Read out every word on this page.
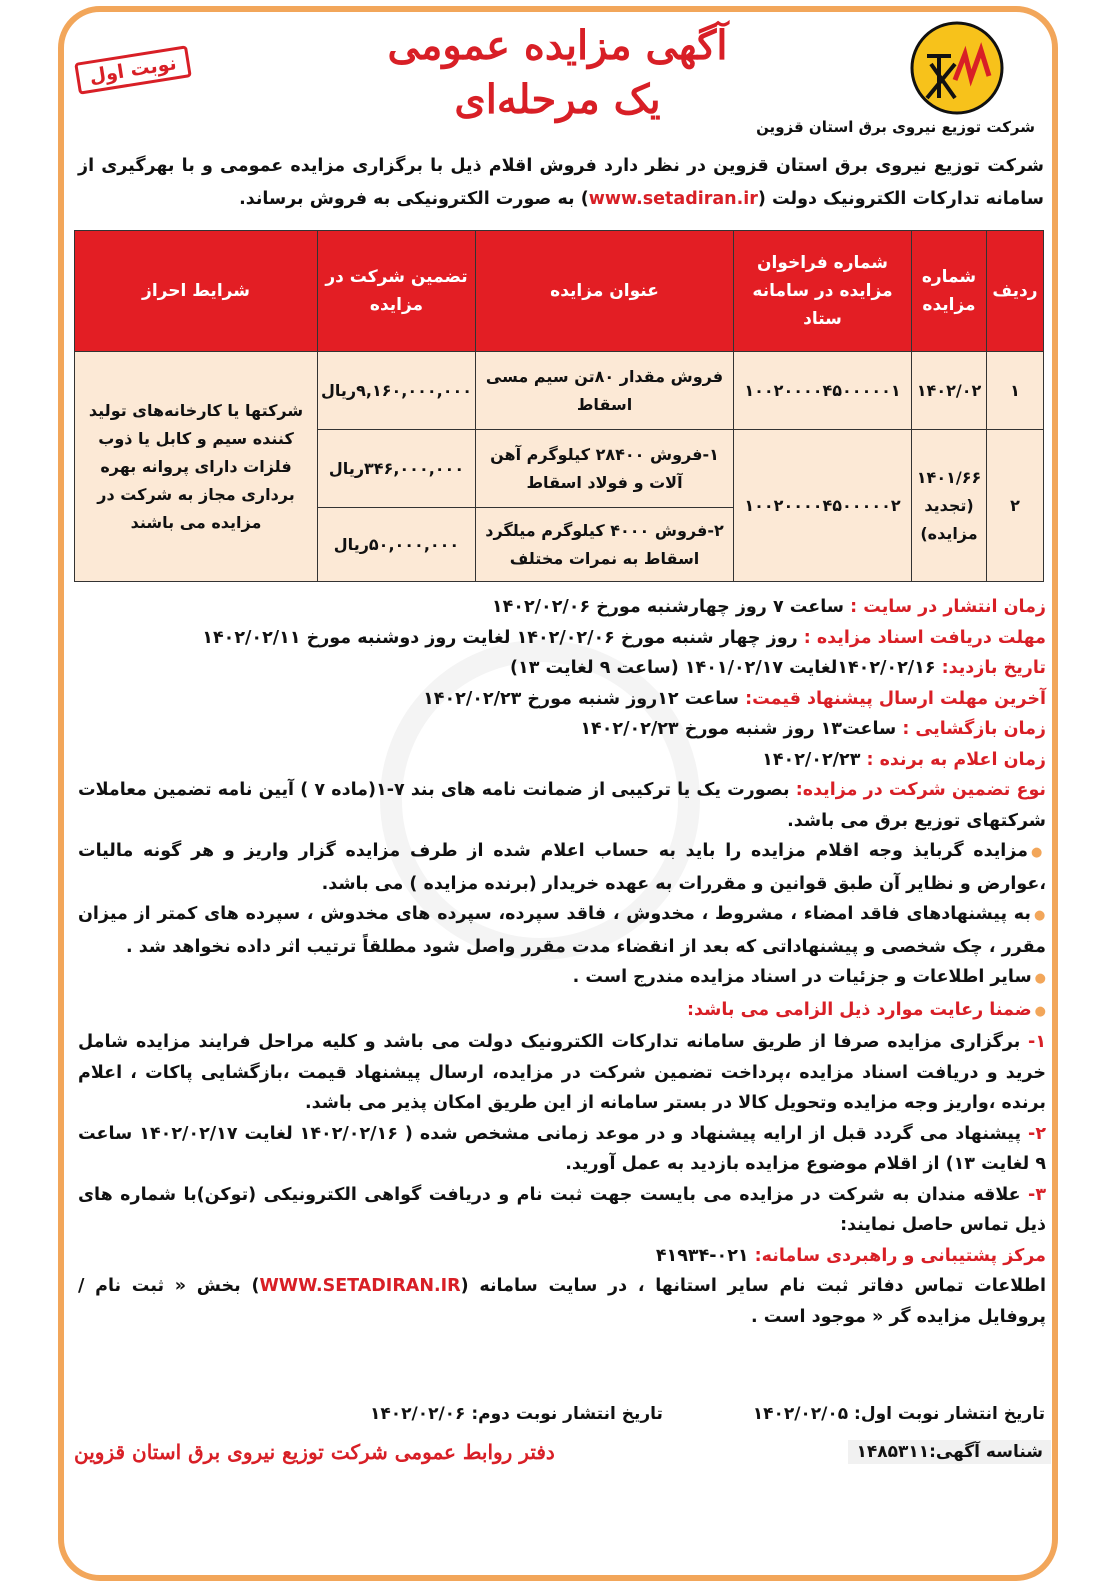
شرکت توزیع نیروی برق استان قزوین
آگهی مزایده عمومی
یک مرحله‌ای
نوبت اول
شرکت توزیع نیروی برق استان قزوین در نظر دارد فروش اقلام ذیل با برگزاری مزایده عمومی و با بهرگیری از سامانه تدارکات الکترونیک دولت (www.setadiran.ir) به صورت الکترونیکی به فروش برساند.
ردیف	شماره مزایده	شماره فراخوان مزایده در سامانه ستاد	عنوان مزایده	تضمین شرکت در مزایده	شرایط احراز
۱	۱۴۰۲/۰۲	۱۰۰۲۰۰۰۰۴۵۰۰۰۰۰۱	فروش مقدار ۸۰تن سیم مسی اسقاط	۹,۱۶۰,۰۰۰,۰۰۰ریال	شرکتها یا کارخانه‌های تولید کننده سیم و کابل یا ذوب فلزات دارای پروانه بهره برداری مجاز به شرکت در مزایده می باشند
۲	۱۴۰۱/۶۶ (تجدید مزایده)	۱۰۰۲۰۰۰۰۴۵۰۰۰۰۰۲	۱-فروش ۲۸۴۰۰ کیلوگرم آهن آلات و فولاد اسقاط	۳۴۶,۰۰۰,۰۰۰ریال	
			۲-فروش ۴۰۰۰ کیلوگرم میلگرد اسقاط به نمرات مختلف	۵۰,۰۰۰,۰۰۰ریال	

زمان انتشار در سایت : ساعت ۷ روز چهارشنبه مورخ ۱۴۰۲/۰۲/۰۶

مهلت دریافت اسناد مزایده : روز چهار شنبه مورخ ۱۴۰۲/۰۲/۰۶ لغایت روز دوشنبه مورخ ۱۴۰۲/۰۲/۱۱

تاریخ بازدید: ۱۴۰۲/۰۲/۱۶لغایت ۱۴۰۱/۰۲/۱۷ (ساعت ۹ لغایت ۱۳)

آخرین مهلت ارسال پیشنهاد قیمت: ساعت ۱۲روز شنبه مورخ ۱۴۰۲/۰۲/۲۳

زمان بازگشایی : ساعت۱۳ روز شنبه مورخ ۱۴۰۲/۰۲/۲۳

زمان اعلام به برنده : ۱۴۰۲/۰۲/۲۳

نوع تضمین شرکت در مزایده: بصورت یک یا ترکیبی از ضمانت نامه های بند ۷-۱(ماده ۷ ) آیین نامه تضمین معاملات شرکتهای توزیع برق می باشد.

●مزایده گربایذ وجه اقلام مزایده را باید به حساب اعلام شده از طرف مزایده گزار واریز و هر گونه مالیات ،عوارض و نظایر آن طبق قوانین و مقررات به عهده خریدار (برنده مزایده ) می باشد.

●به پیشنهادهای فاقد امضاء ، مشروط ، مخدوش ، فاقد سپرده، سپرده های مخدوش ، سپرده های کمتر از میزان مقرر ، چک شخصی و پیشنهاداتی که بعد از انقضاء مدت مقرر واصل شود مطلقاً ترتیب اثر داده نخواهد شد .

●سایر اطلاعات و جزئیات در اسناد مزایده مندرج است .

●ضمنا رعایت موارد ذیل الزامی می باشد:

۱- برگزاری مزایده صرفا از طریق سامانه تدارکات الکترونیک دولت می باشد و کلیه مراحل فرایند مزایده شامل خرید و دریافت اسناد مزایده ،پرداخت تضمین شرکت در مزایده، ارسال پیشنهاد قیمت ،بازگشایی پاکات ، اعلام برنده ،واریز وجه مزایده وتحویل کالا در بستر سامانه از این طریق امکان پذیر می باشد.

۲- پیشنهاد می گردد قبل از ارایه پیشنهاد و در موعد زمانی مشخص شده ( ۱۴۰۲/۰۲/۱۶ لغایت ۱۴۰۲/۰۲/۱۷ ساعت ۹ لغایت ۱۳) از اقلام موضوع مزایده بازدید به عمل آورید.

۳- علاقه مندان به شرکت در مزایده می بایست جهت ثبت نام و دریافت گواهی الکترونیکی (توکن)با شماره های ذیل تماس حاصل نمایند:

مرکز پشتیبانی و راهبردی سامانه: ۴۱۹۳۴-۰۲۱

اطلاعات تماس دفاتر ثبت نام سایر استانها ، در سایت سامانه (WWW.SETADIRAN.IR) بخش « ثبت نام / پروفایل مزایده گر « موجود است .

تاریخ انتشار نوبت اول: ۱۴۰۲/۰۲/۰۵
تاریخ انتشار نوبت دوم: ۱۴۰۲/۰۲/۰۶
شناسه آگهی:۱۴۸۵۳۱۱
دفتر روابط عمومی شرکت توزیع نیروی برق استان قزوین
